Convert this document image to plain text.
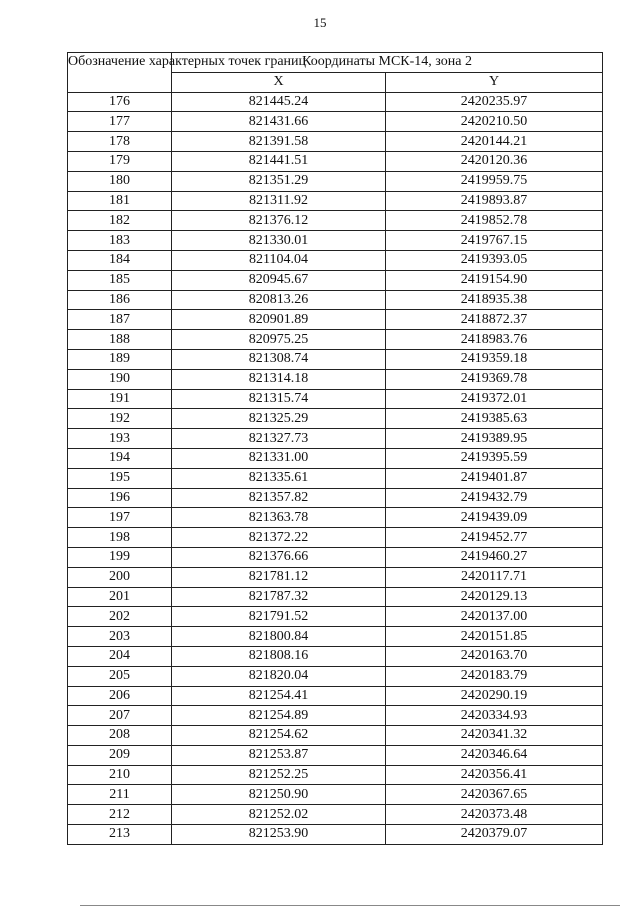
15
Обозначение характерных точек границ	Координаты МСК-14, зона 2	
	X	Y
176	821445.24	2420235.97
177	821431.66	2420210.50
178	821391.58	2420144.21
179	821441.51	2420120.36
180	821351.29	2419959.75
181	821311.92	2419893.87
182	821376.12	2419852.78
183	821330.01	2419767.15
184	821104.04	2419393.05
185	820945.67	2419154.90
186	820813.26	2418935.38
187	820901.89	2418872.37
188	820975.25	2418983.76
189	821308.74	2419359.18
190	821314.18	2419369.78
191	821315.74	2419372.01
192	821325.29	2419385.63
193	821327.73	2419389.95
194	821331.00	2419395.59
195	821335.61	2419401.87
196	821357.82	2419432.79
197	821363.78	2419439.09
198	821372.22	2419452.77
199	821376.66	2419460.27
200	821781.12	2420117.71
201	821787.32	2420129.13
202	821791.52	2420137.00
203	821800.84	2420151.85
204	821808.16	2420163.70
205	821820.04	2420183.79
206	821254.41	2420290.19
207	821254.89	2420334.93
208	821254.62	2420341.32
209	821253.87	2420346.64
210	821252.25	2420356.41
211	821250.90	2420367.65
212	821252.02	2420373.48
213	821253.90	2420379.07
